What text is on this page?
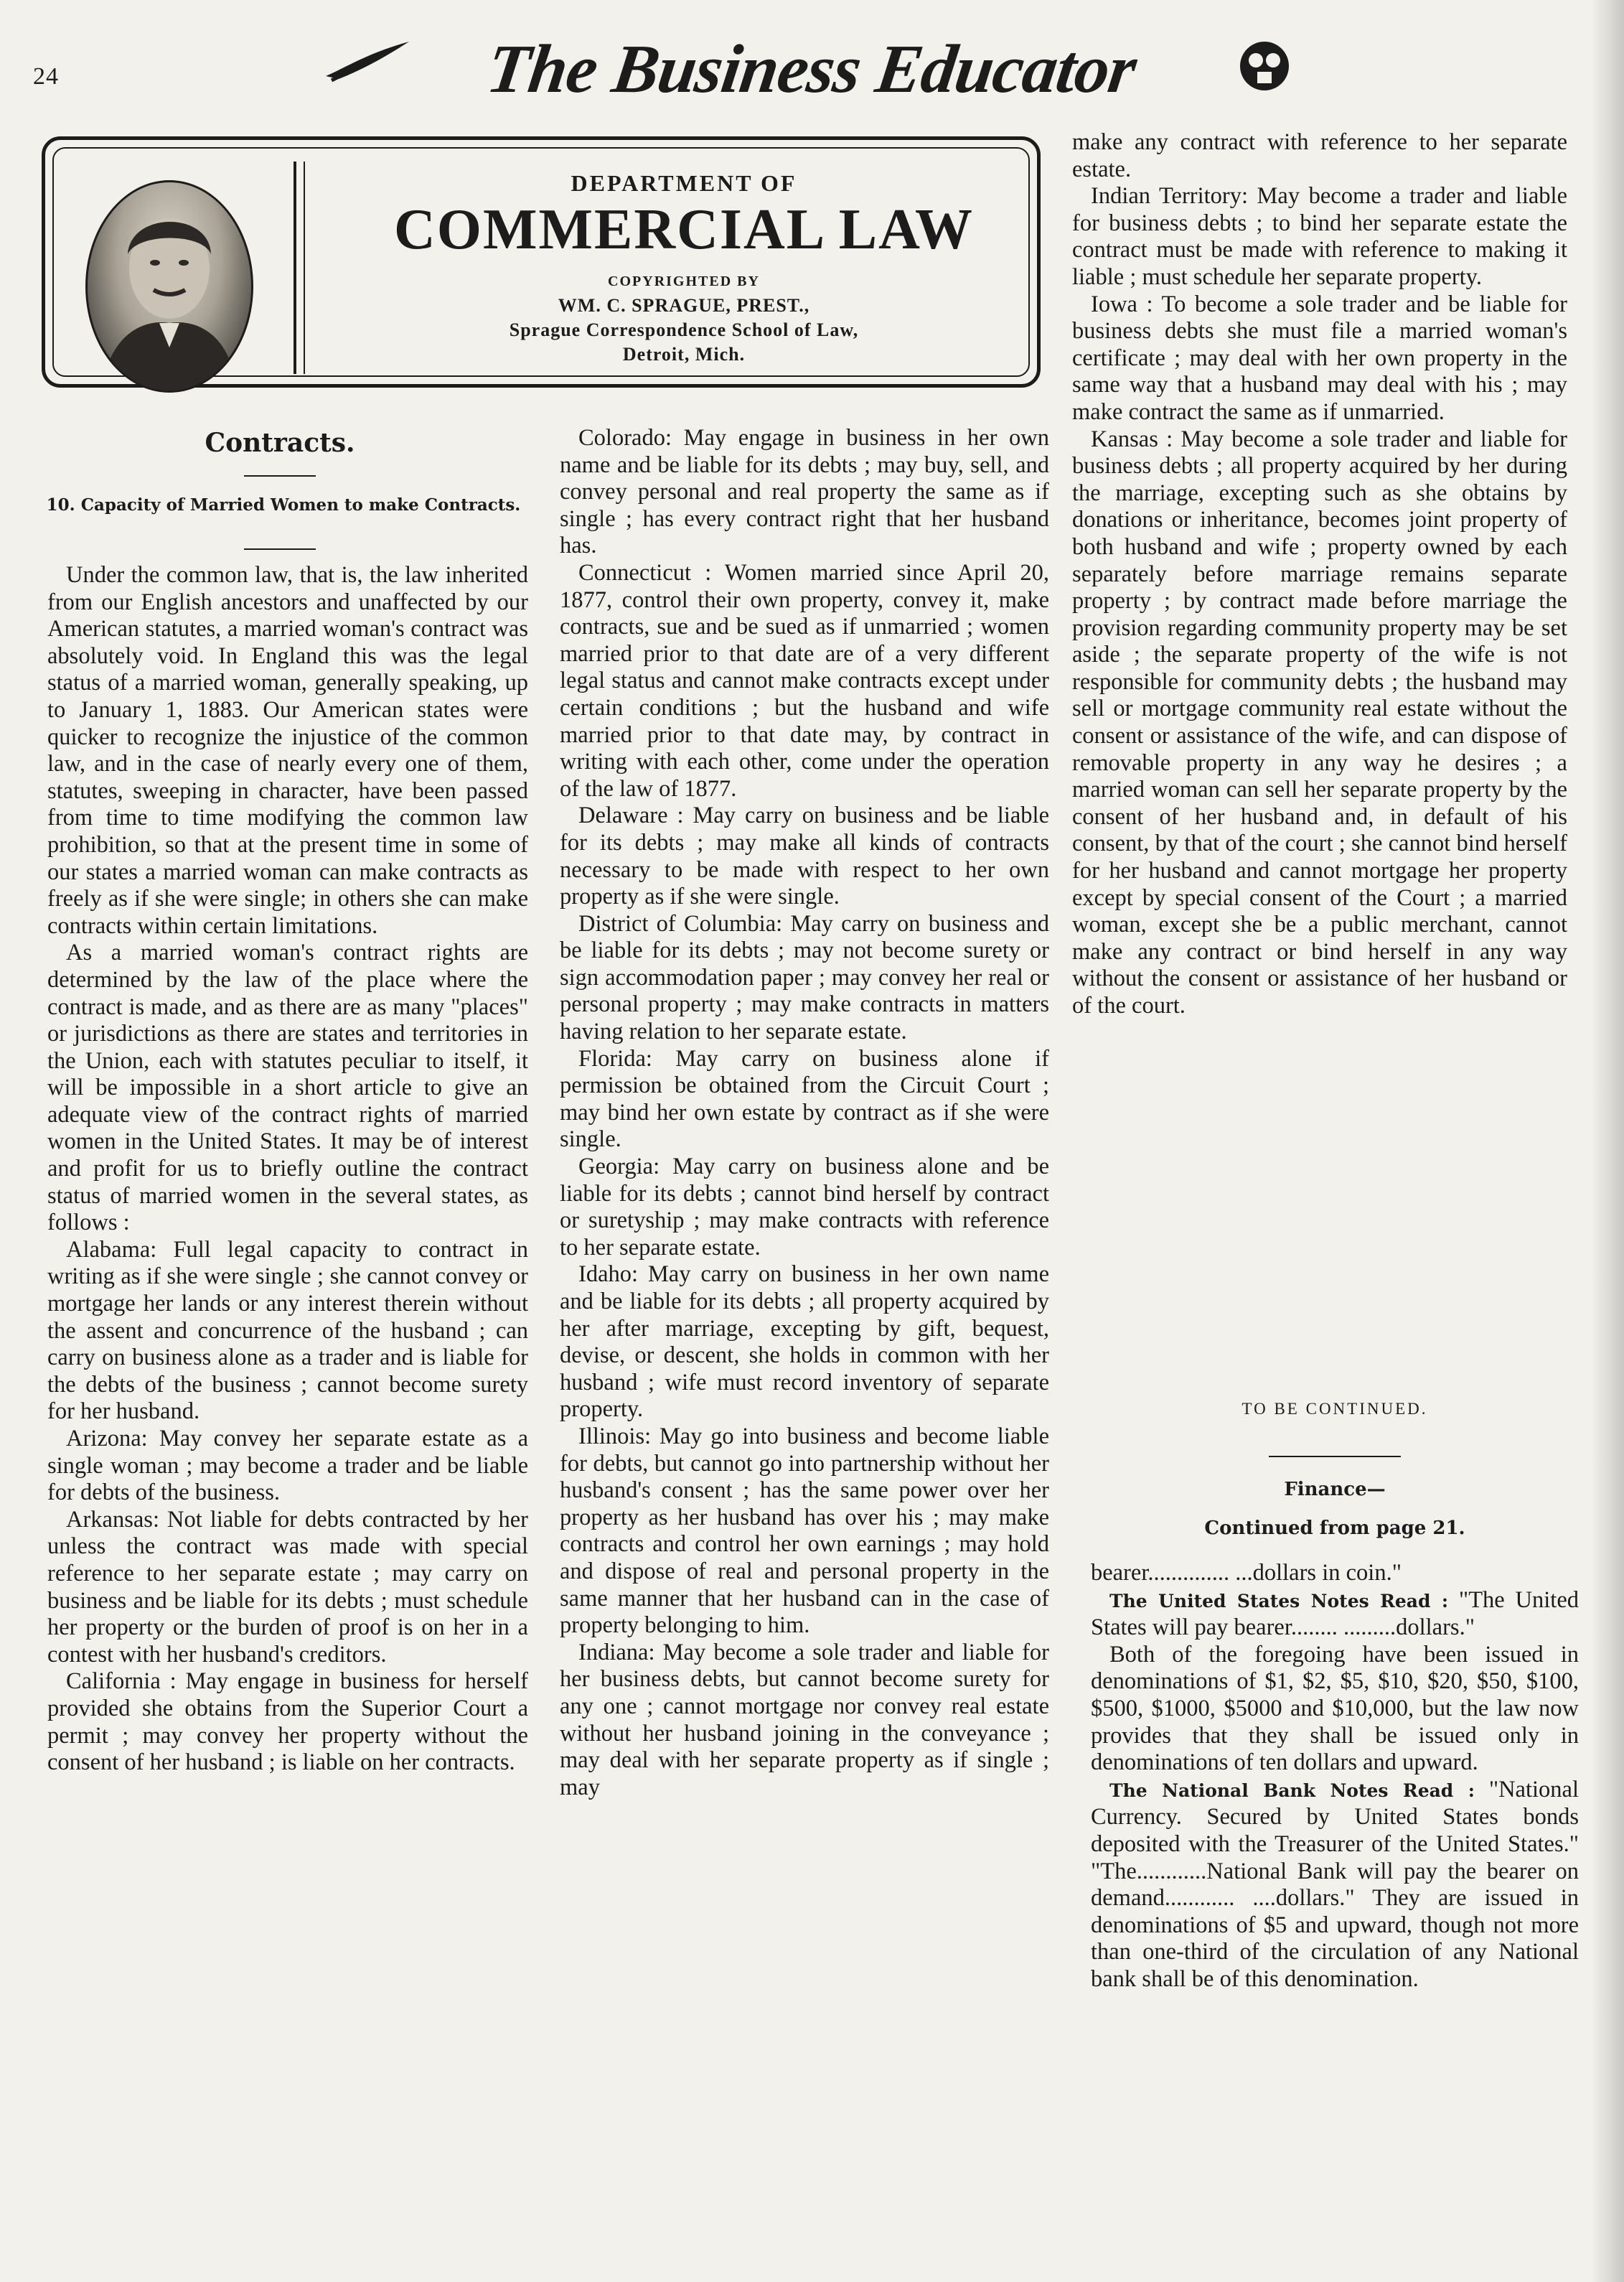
24	The Business Educator
DEPARTMENT OF
COMMERCIAL LAW
COPYRIGHTED BY
WM. C. SPRAGUE, PREST.,
Sprague Correspondence School of Law,
Detroit, Mich.
Contracts.
10. Capacity of Married Women to make Contracts.

Under the common law, that is, the law inherited from our English ancestors and unaffected by our American statutes, a married woman's contract was absolutely void. In England this was the legal status of a married woman, generally speaking, up to January 1, 1883. Our American states were quicker to recognize the injustice of the common law, and in the case of nearly every one of them, statutes, sweeping in character, have been passed from time to time modifying the common law prohibition, so that at the present time in some of our states a married woman can make contracts as freely as if she were single; in others she can make contracts within certain limitations.

As a married woman's contract rights are determined by the law of the place where the contract is made, and as there are as many "places" or jurisdictions as there are states and territories in the Union, each with statutes peculiar to itself, it will be impossible in a short article to give an adequate view of the contract rights of married women in the United States. It may be of interest and profit for us to briefly outline the contract status of married women in the several states, as follows :

Alabama: Full legal capacity to contract in writing as if she were single ; she cannot convey or mortgage her lands or any interest therein without the assent and concurrence of the husband ; can carry on business alone as a trader and is liable for the debts of the business ; cannot become surety for her husband.

Arizona: May convey her separate estate as a single woman ; may become a trader and be liable for debts of the business.

Arkansas: Not liable for debts contracted by her unless the contract was made with special reference to her separate estate ; may carry on business and be liable for its debts ; must schedule her property or the burden of proof is on her in a contest with her husband's creditors.

California : May engage in business for herself provided she obtains from the Superior Court a permit ; may convey her property without the consent of her husband ; is liable on her contracts.

Colorado: May engage in business in her own name and be liable for its debts ; may buy, sell, and convey personal and real property the same as if single ; has every contract right that her husband has.

Connecticut : Women married since April 20, 1877, control their own property, convey it, make contracts, sue and be sued as if unmarried ; women married prior to that date are of a very different legal status and cannot make contracts except under certain conditions ; but the husband and wife married prior to that date may, by contract in writing with each other, come under the operation of the law of 1877.

Delaware : May carry on business and be liable for its debts ; may make all kinds of contracts necessary to be made with respect to her own property as if she were single.

District of Columbia: May carry on business and be liable for its debts ; may not become surety or sign accommodation paper ; may convey her real or personal property ; may make contracts in matters having relation to her separate estate.

Florida: May carry on business alone if permission be obtained from the Circuit Court ; may bind her own estate by contract as if she were single.

Georgia: May carry on business alone and be liable for its debts ; cannot bind herself by contract or suretyship ; may make contracts with reference to her separate estate.

Idaho: May carry on business in her own name and be liable for its debts ; all property acquired by her after marriage, excepting by gift, bequest, devise, or descent, she holds in common with her husband ; wife must record inventory of separate property.

Illinois: May go into business and become liable for debts, but cannot go into partnership without her husband's consent ; has the same power over her property as her husband has over his ; may make contracts and control her own earnings ; may hold and dispose of real and personal property in the same manner that her husband can in the case of property belonging to him.

Indiana: May become a sole trader and liable for her business debts, but cannot become surety for any one ; cannot mortgage nor convey real estate without her husband joining in the conveyance ; may deal with her separate property as if single ; may

make any contract with reference to her separate estate.

Indian Territory: May become a trader and liable for business debts ; to bind her separate estate the contract must be made with reference to making it liable ; must schedule her separate property.

Iowa : To become a sole trader and be liable for business debts she must file a married woman's certificate ; may deal with her own property in the same way that a husband may deal with his ; may make contract the same as if unmarried.

Kansas : May become a sole trader and liable for business debts ; all property acquired by her during the marriage, excepting such as she obtains by donations or inheritance, becomes joint property of both husband and wife ; property owned by each separately before marriage remains separate property ; by contract made before marriage the provision regarding community property may be set aside ; the separate property of the wife is not responsible for community debts ; the husband may sell or mortgage community real estate without the consent or assistance of the wife, and can dispose of removable property in any way he desires ; a married woman can sell her separate property by the consent of her husband and, in default of his consent, by that of the court ; she cannot bind herself for her husband and cannot mortgage her property except by special consent of the Court ; a married woman, except she be a public merchant, cannot make any contract or bind herself in any way without the consent or assistance of her husband or of the court.

TO BE CONTINUED.
Finance—
Continued from page 21.

bearer.............. ...dollars in coin."

The United States Notes Read : "The United States will pay bearer........ .........dollars."

Both of the foregoing have been issued in denominations of $1, $2, $5, $10, $20, $50, $100, $500, $1000, $5000 and $10,000, but the law now provides that they shall be issued only in denominations of ten dollars and upward.

The National Bank Notes Read : "National Currency. Secured by United States bonds deposited with the Treasurer of the United States." "The............National Bank will pay the bearer on demand............ ....dollars." They are issued in denominations of $5 and upward, though not more than one-third of the circulation of any National bank shall be of this denomination.
